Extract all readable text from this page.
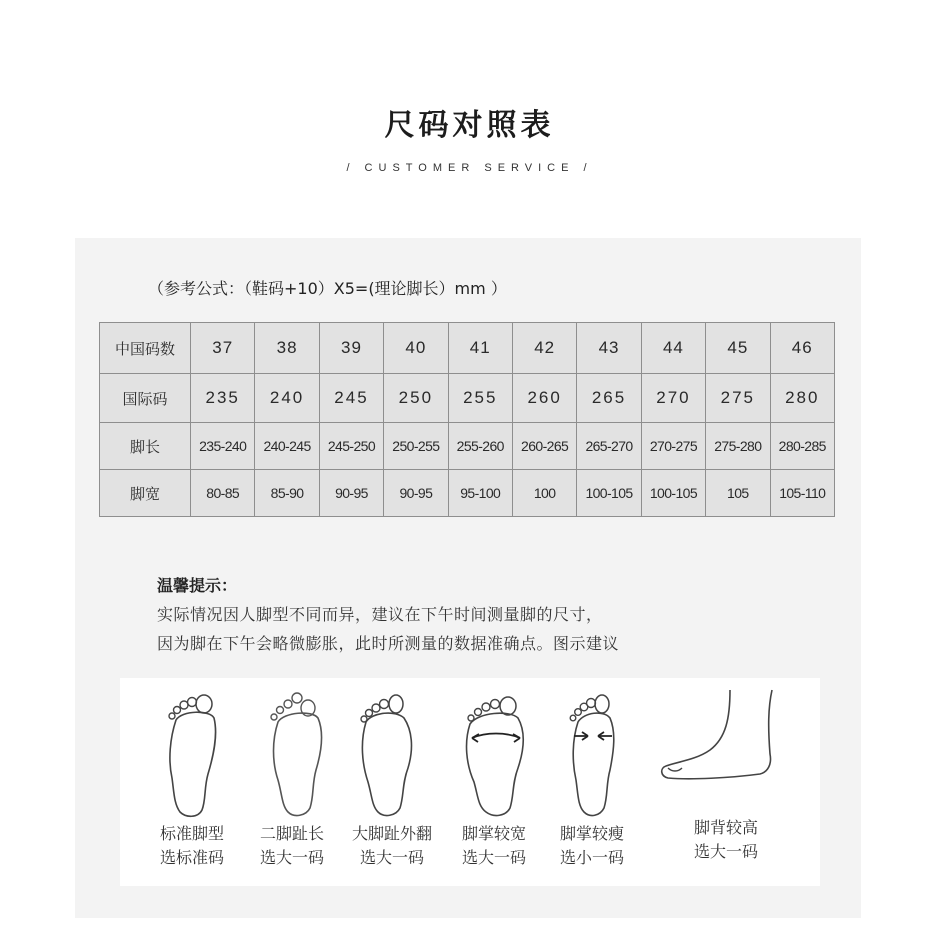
尺码对照表
/ CUSTOMER SERVICE /
（参考公式：（鞋码+10）X5=(理论脚长）mm ）
中国码数	37	38	39	40	41	42	43	44	45	46
国际码	235	240	245	250	255	260	265	270	275	280
脚长	235-240	240-245	245-250	250-255	255-260	260-265	265-270	270-275	275-280	280-285
脚宽	80-85	85-90	90-95	90-95	95-100	100	100-105	100-105	105	105-110
温馨提示：
实际情况因人脚型不同而异，建议在下午时间测量脚的尺寸，
因为脚在下午会略微膨胀，此时所测量的数据准确点。图示建议
标准脚型
选标准码
二脚趾长
选大一码
大脚趾外翻
选大一码
脚掌较宽
选大一码
脚掌较瘦
选小一码
脚背较高
选大一码
